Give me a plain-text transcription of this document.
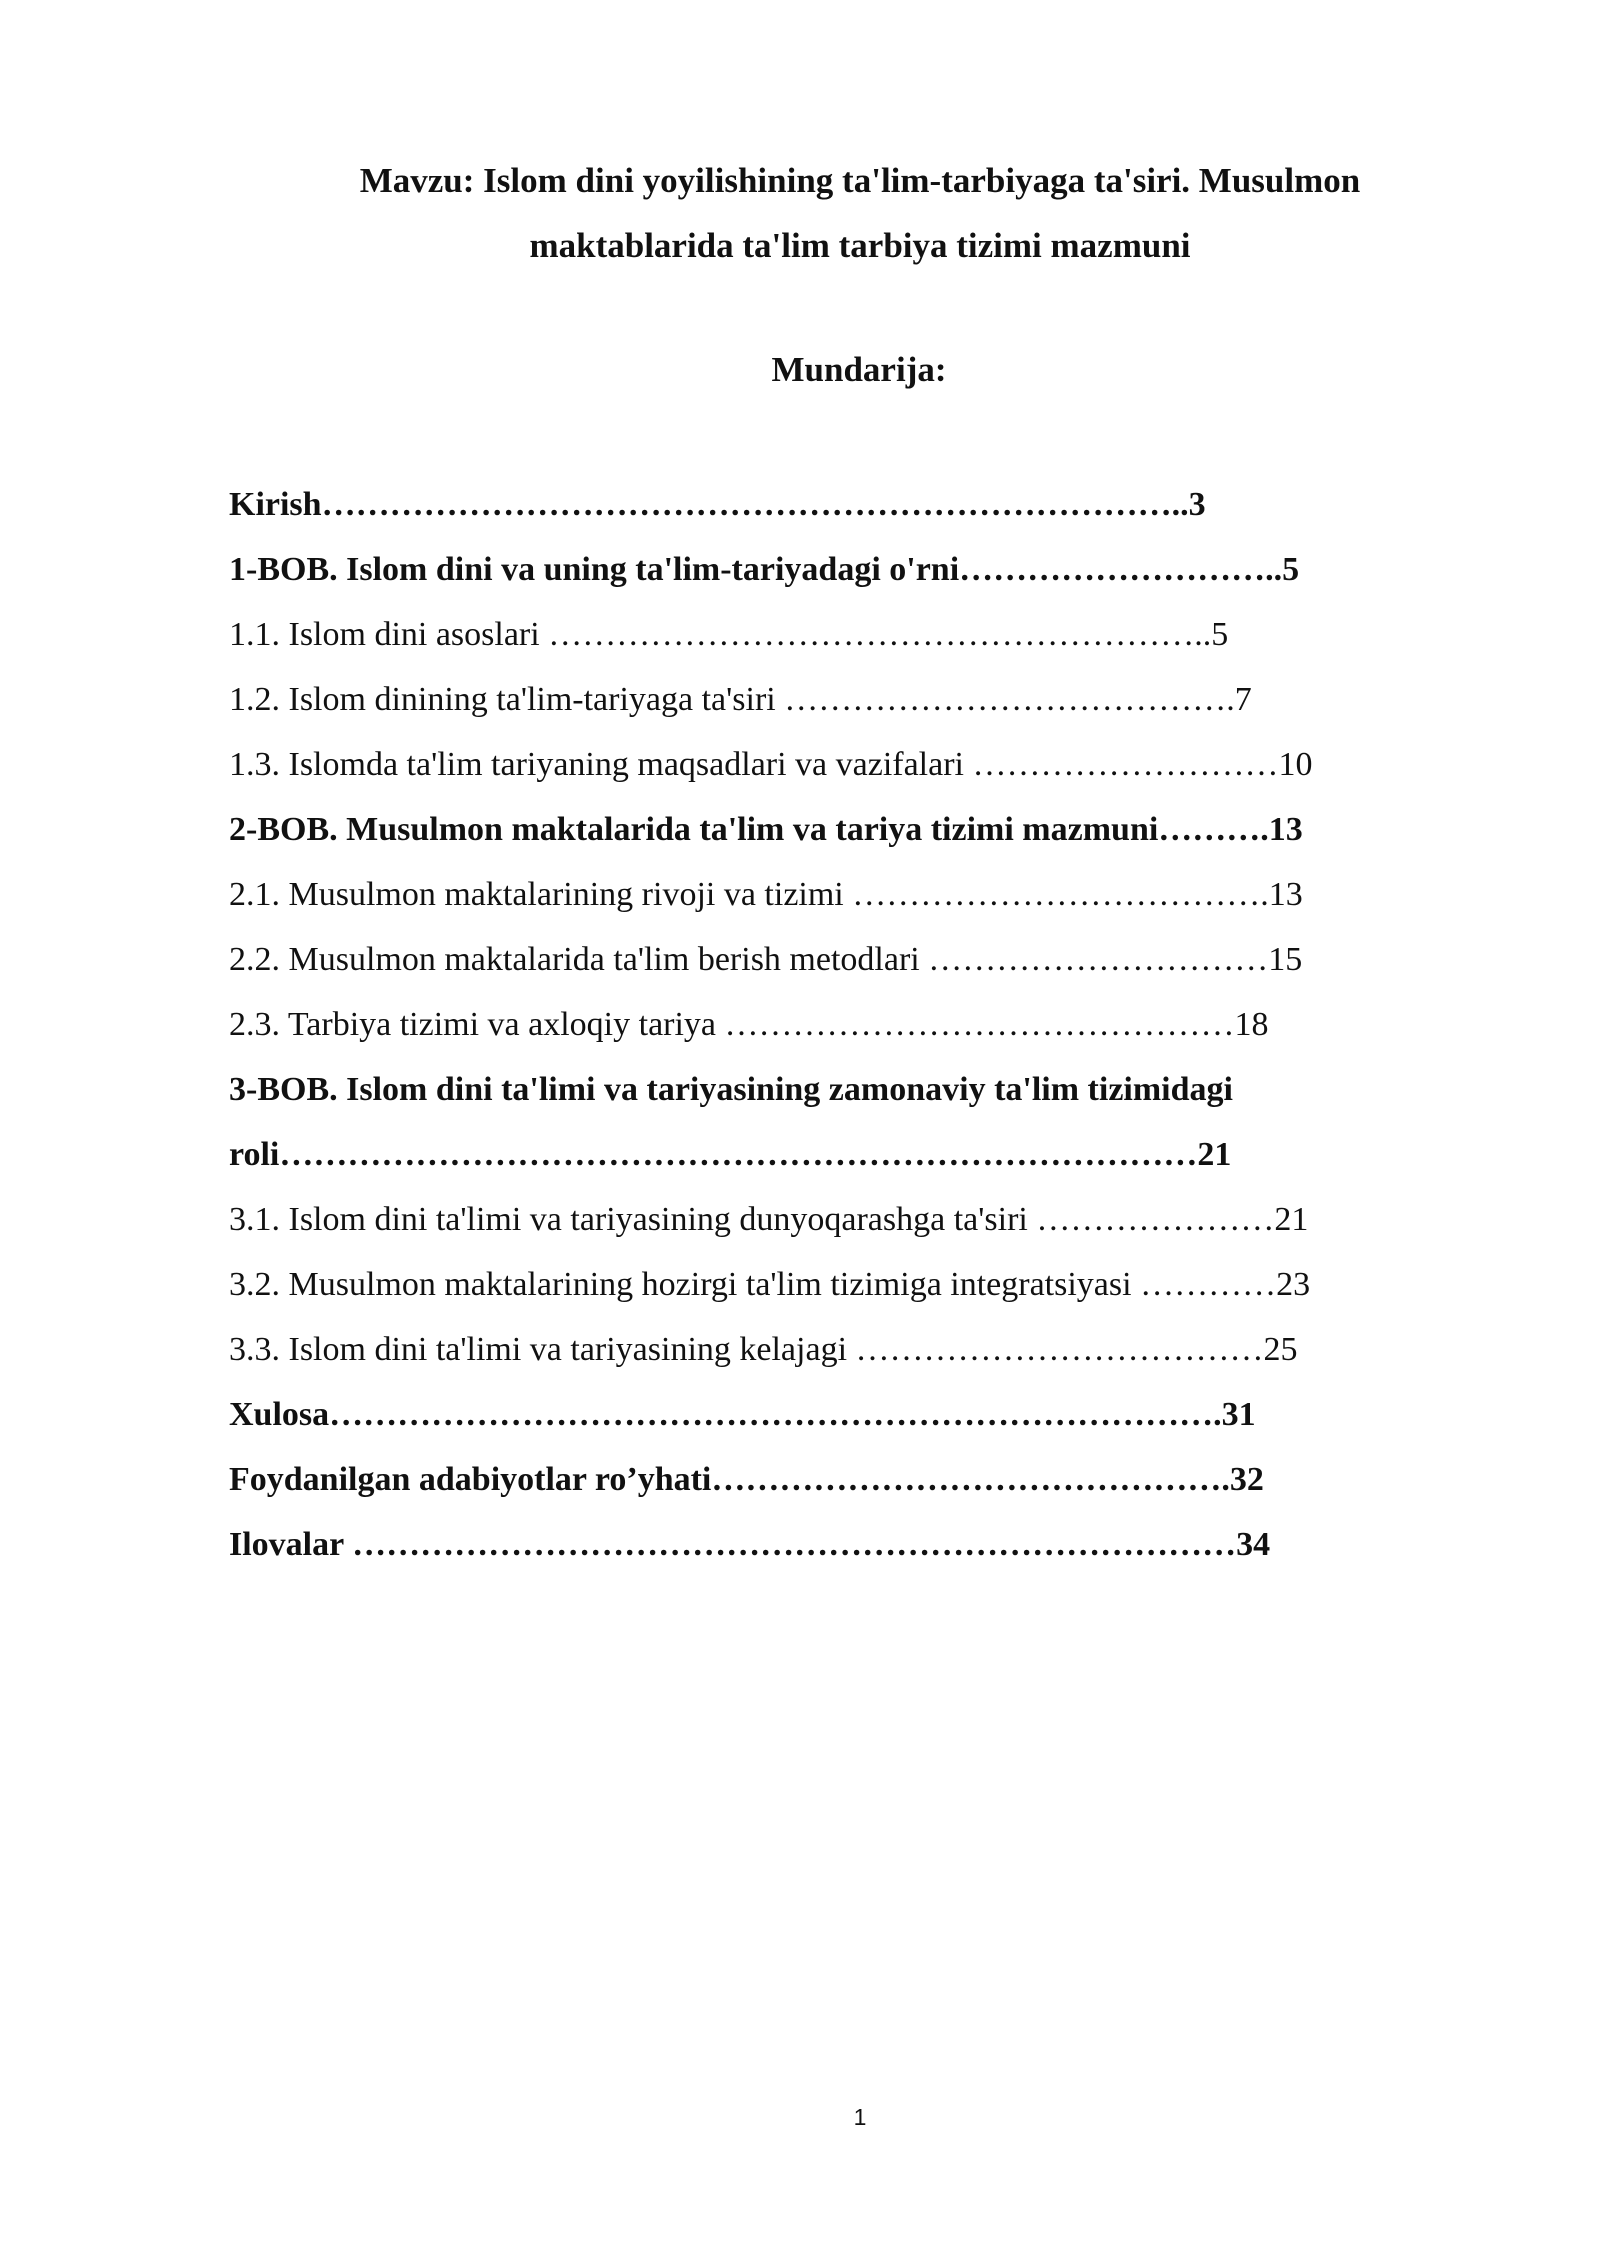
Mavzu: Islom dini yoyilishining ta'lim-tarbiyaga ta'siri. Musulmon
maktablarida ta'lim tarbiya tizimi mazmuni
Mundarija:
Kirish…………………………………………………………………..3
1-BOB. Islom dini va uning ta'lim-tariyadagi o'rni………………………..5
1.1. Islom dini asoslari …………………………………………………..5
1.2. Islom dinining ta'lim-tariyaga ta'siri ………………………………….7
1.3. Islomda ta'lim tariyaning maqsadlari va vazifalari ………………………10
2-BOB. Musulmon maktalarida ta'lim va tariya tizimi mazmuni……….13
2.1. Musulmon maktalarining rivoji va tizimi ……………………………….13
2.2. Musulmon maktalarida ta'lim berish metodlari …………………………15
2.3. Tarbiya tizimi va axloqiy tariya ………………………………………18
3-BOB. Islom dini ta'limi va tariyasining zamonaviy ta'lim tizimidagi
roli………………………………………………………………………21
3.1. Islom dini ta'limi va tariyasining dunyoqarashga ta'siri …………………21
3.2. Musulmon maktalarining hozirgi ta'lim tizimiga integratsiyasi …………23
3.3. Islom dini ta'limi va tariyasining kelajagi ………………………………25
Xulosa…………………………………………………………………….31
Foydanilgan adabiyotlar ro’yhati……………………………………….32
Ilovalar ……………………………………………………………………34
1
